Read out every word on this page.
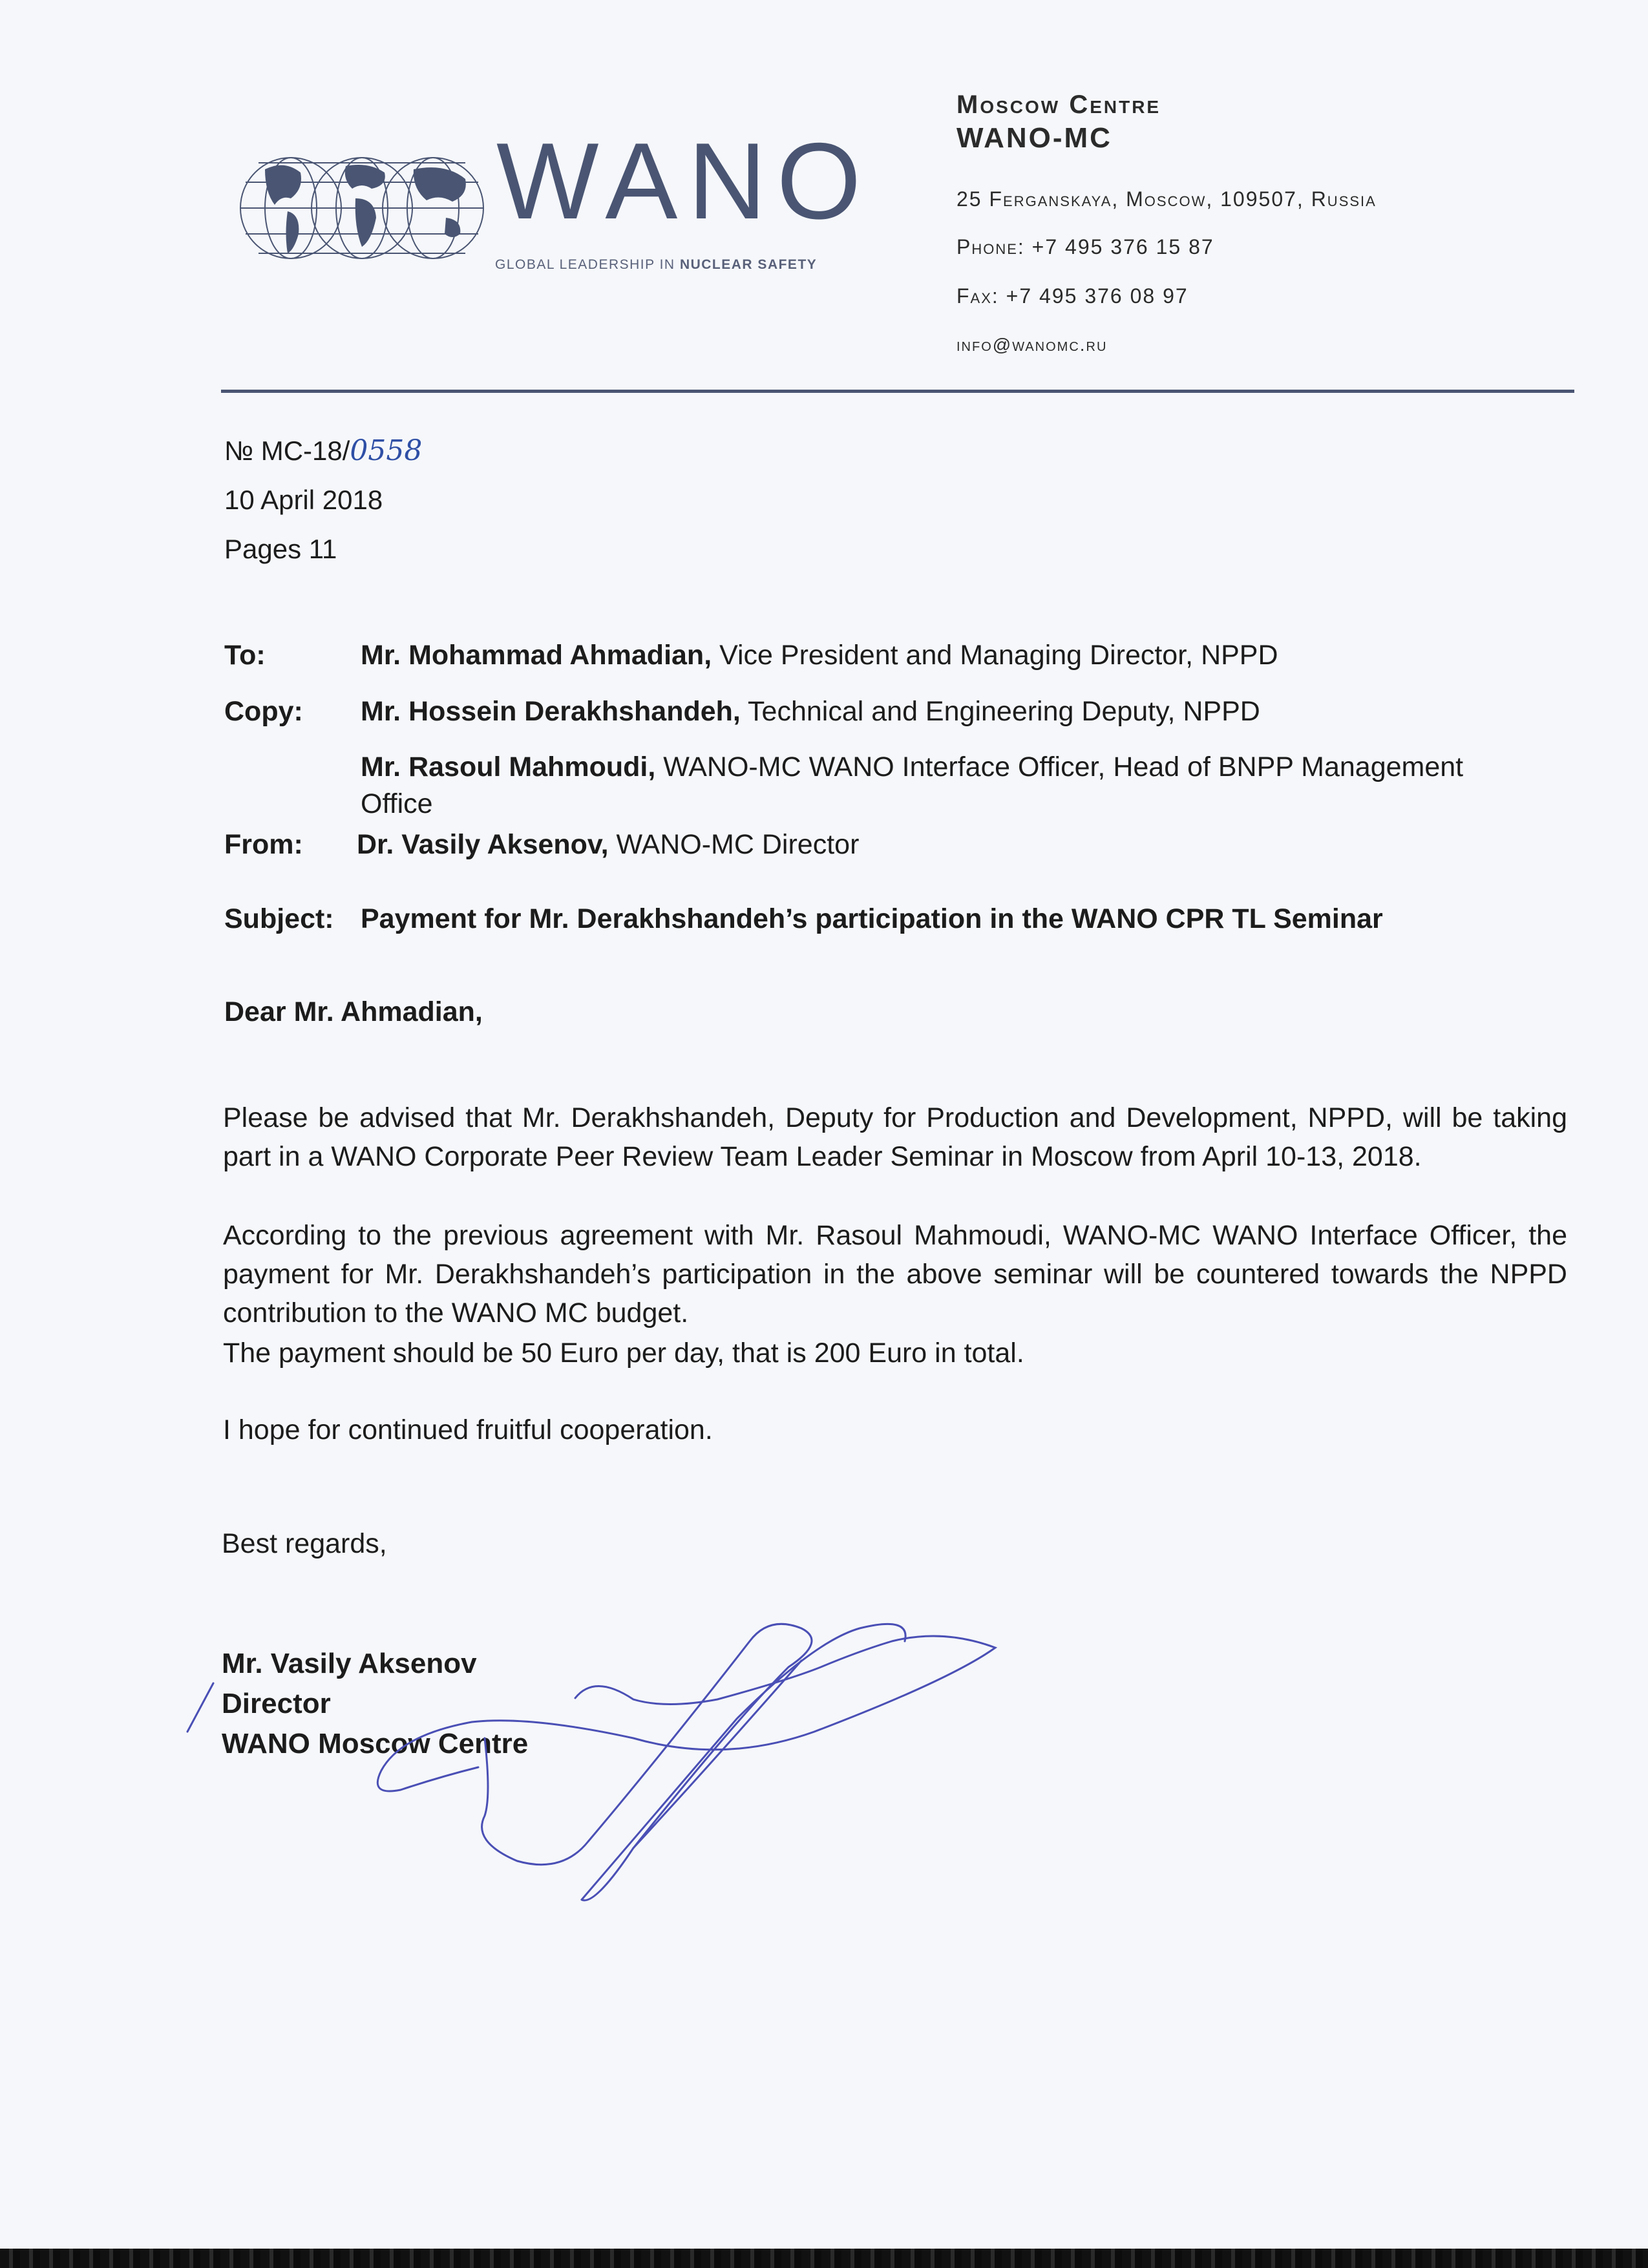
WANO
GLOBAL LEADERSHIP IN NUCLEAR SAFETY
Moscow Centre
WANO-MC
25 Ferganskaya, Moscow, 109507, Russia
Phone: +7 495 376 15 87
Fax: +7 495 376 08 97
info@wanomc.ru
№ MC-18/0558
10 April 2018
Pages 11
To:	Mr. Mohammad Ahmadian, Vice President and Managing Director, NPPD
Copy: Mr. Hossein Derakhshandeh, Technical and Engineering Deputy, NPPD
Mr. Rasoul Mahmoudi, WANO-MC WANO Interface Officer, Head of BNPP Management
Office
From: Dr. Vasily Aksenov, WANO-MC Director
Subject: Payment for Mr. Derakhshandeh’s participation in the WANO CPR TL Seminar
Dear Mr. Ahmadian,
Please be advised that Mr. Derakhshandeh, Deputy for Production and Development, NPPD, will be taking part in a WANO Corporate Peer Review Team Leader Seminar in Moscow from April 10-13, 2018.
According to the previous agreement with Mr. Rasoul Mahmoudi, WANO-MC WANO Interface Officer, the payment for Mr. Derakhshandeh’s participation in the above seminar will be countered towards the NPPD contribution to the WANO MC budget.
The payment should be 50 Euro per day, that is 200 Euro in total.
I hope for continued fruitful cooperation.
Best regards,
Mr. Vasily Aksenov
Director
WANO Moscow Centre
